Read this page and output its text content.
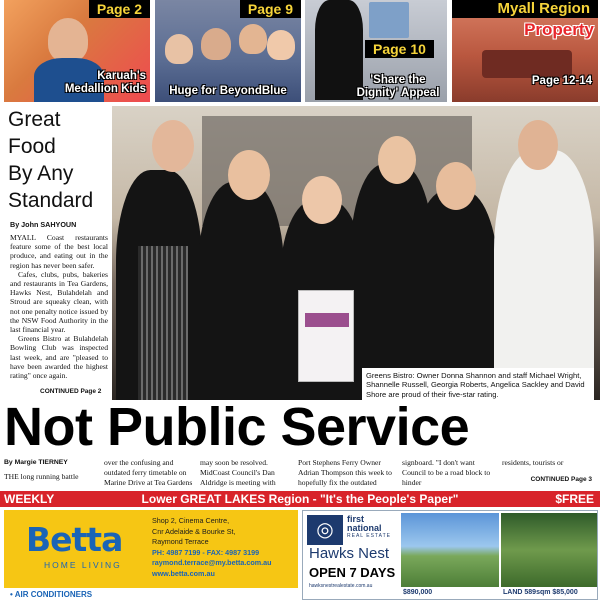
Page 2
Karuah's
Medallion Kids
Page 9
Huge for BeyondBlue
Page 10
'Share the
Dignity' Appeal
Myall Region
Property
Page 12-14
Great Food
By Any
Standard
By John SAHYOUN

MYALL Coast restaurants feature some of the best local produce, and eating out in the region has never been safer.

Cafes, clubs, pubs, bakeries and restaurants in Tea Gardens, Hawks Nest, Bulahdelah and Stroud are squeaky clean, with not one penalty notice issued by the NSW Food Authority in the last financial year.

Greens Bistro at Bulahdelah Bowling Club was inspected last week, and are "pleased to have been awarded the highest rating" once again.

CONTINUED Page 2
Greens Bistro: Owner Donna Shannon and staff Michael Wright, Shannelle Russell, Georgia Roberts, Angelica Sackley and David Shore are proud of their five-star rating.
Not Public Service
By Margie TIERNEY
THE long running battle
over the confusing and outdated ferry timetable on Marine Drive at Tea Gardens
may soon be resolved. MidCoast Council's Dan Aldridge is meeting with
Port Stephens Ferry Owner Adrian Thompson this week to hopefully fix the outdated
signboard. "I don't want Council to be a road block to hinder
residents, tourists or
CONTINUED Page 3
WEEKLY	Lower GREAT LAKES Region - "It's the People's Paper"	$FREE
Betta
HOME LIVING
Shop 2, Cinema Centre,
Cnr Adelaide & Bourke St,
Raymond Terrace
PH: 4987 7199 - FAX: 4987 3199
raymond.terrace@my.betta.com.au
www.betta.com.au
• AIR CONDITIONERS
◎	first
national
REAL ESTATE
Hawks Nest
OPEN 7 DAYS
hawksnestrealestate.com.au
$890,000	LAND 589sqm $85,000
